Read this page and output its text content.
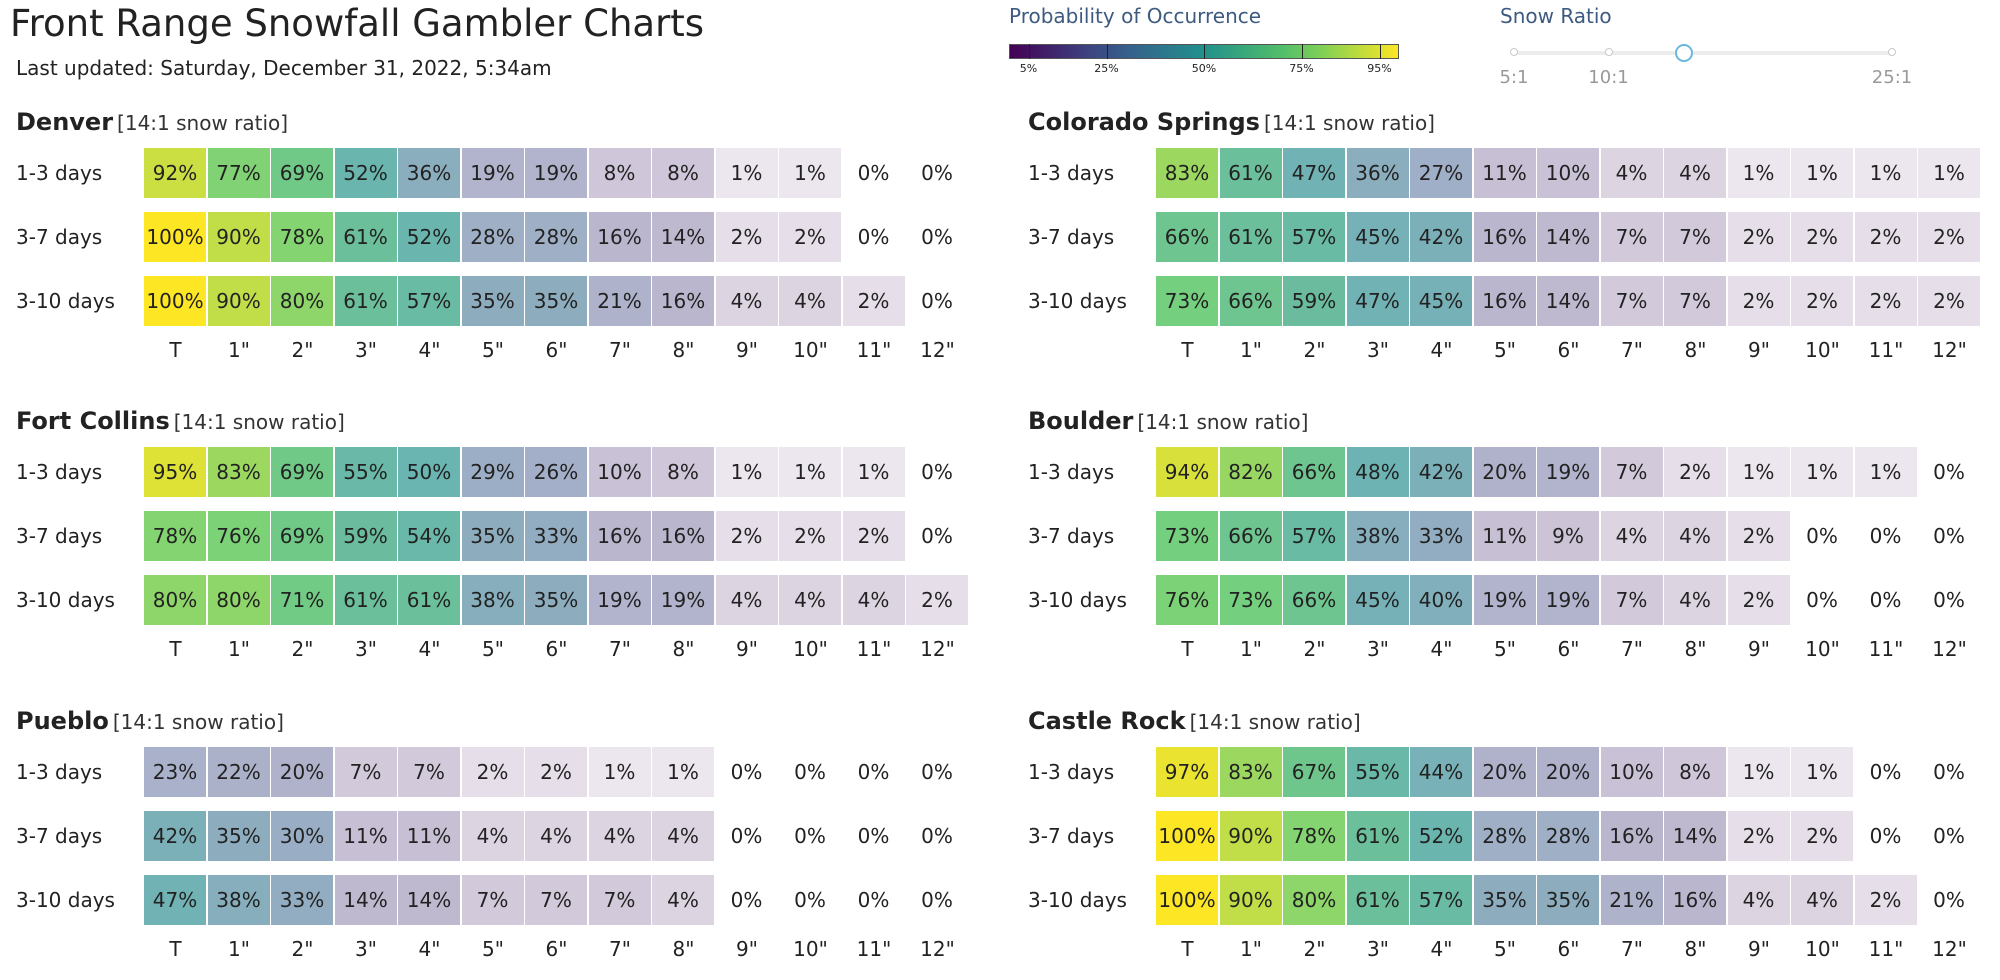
Front Range Snowfall Gambler Charts
Last updated: Saturday, December 31, 2022, 5:34am
Probability of Occurrence
5%	25%	50%	75%	95%
Snow Ratio
5:1	10:1	25:1
Denver [14:1 snow ratio]
1-3 days	92% 77% 69% 52% 36% 19% 19%	8%	8%	1%	1%	0%	0%
3-7 days	100% 90% 78% 61% 52% 28% 28% 16% 14%	2%	2%	0%	0%
3-10 days	100% 90% 80% 61% 57% 35% 35% 21% 16%	4%	4%	2%	0%
T	1"	2"	3"	4"	5"	6"	7"	8"	9"	10"	11"	12"
Colorado Springs [14:1 snow ratio]
1-3 days	83% 61% 47% 36% 27% 11% 10%	4%	4%	1%	1%	1%	1%
3-7 days	66% 61% 57% 45% 42% 16% 14%	7%	7%	2%	2%	2%	2%
3-10 days	73% 66% 59% 47% 45% 16% 14%	7%	7%	2%	2%	2%	2%
T	1"	2"	3"	4"	5"	6"	7"	8"	9"	10"	11"	12"
Fort Collins [14:1 snow ratio]
1-3 days	95% 83% 69% 55% 50% 29% 26% 10%	8%	1%	1%	1%	0%
3-7 days	78% 76% 69% 59% 54% 35% 33% 16% 16%	2%	2%	2%	0%
3-10 days	80% 80% 71% 61% 61% 38% 35% 19% 19%	4%	4%	4%	2%
T	1"	2"	3"	4"	5"	6"	7"	8"	9"	10"	11"	12"
Boulder [14:1 snow ratio]
1-3 days	94% 82% 66% 48% 42% 20% 19%	7%	2%	1%	1%	1%	0%
3-7 days	73% 66% 57% 38% 33% 11%	9%	4%	4%	2%	0%	0%	0%
3-10 days	76% 73% 66% 45% 40% 19% 19%	7%	4%	2%	0%	0%	0%
T	1"	2"	3"	4"	5"	6"	7"	8"	9"	10"	11"	12"
Pueblo [14:1 snow ratio]
1-3 days	23% 22% 20%	7%	7%	2%	2%	1%	1%	0%	0%	0%	0%
3-7 days	42% 35% 30% 11% 11%	4%	4%	4%	4%	0%	0%	0%	0%
3-10 days	47% 38% 33% 14% 14%	7%	7%	7%	4%	0%	0%	0%	0%
T	1"	2"	3"	4"	5"	6"	7"	8"	9"	10"	11"	12"
Castle Rock [14:1 snow ratio]
1-3 days	97% 83% 67% 55% 44% 20% 20% 10%	8%	1%	1%	0%	0%
3-7 days	100% 90% 78% 61% 52% 28% 28% 16% 14%	2%	2%	0%	0%
3-10 days	100% 90% 80% 61% 57% 35% 35% 21% 16%	4%	4%	2%	0%
T	1"	2"	3"	4"	5"	6"	7"	8"	9"	10"	11"	12"
